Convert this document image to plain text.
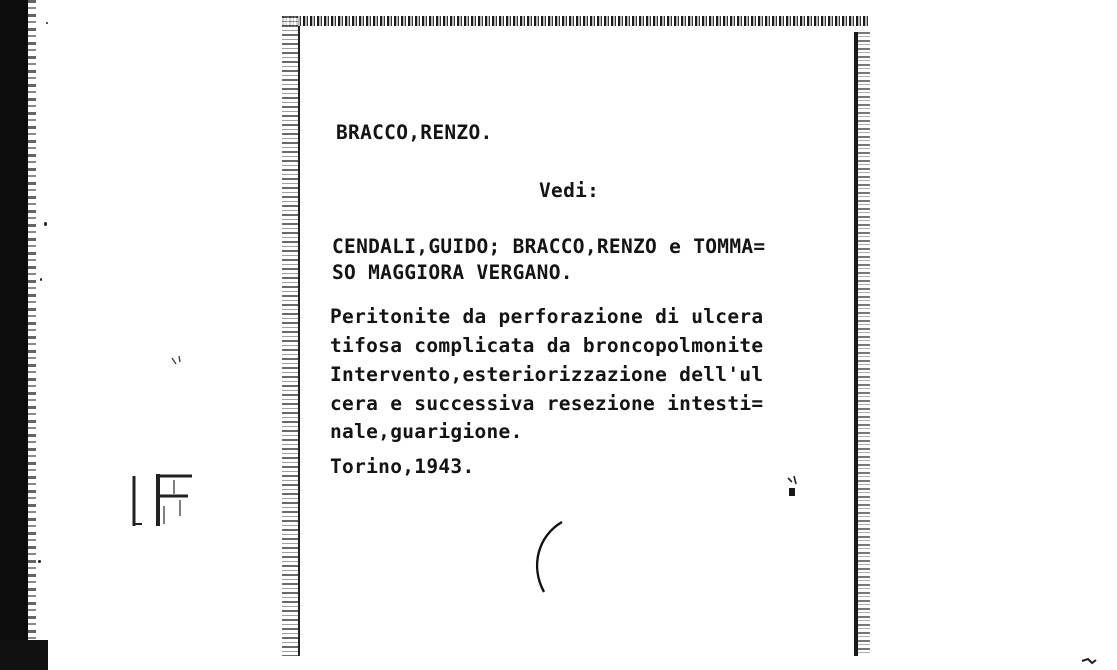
BRACCO,RENZO.
Vedi:
CENDALI,GUIDO; BRACCO,RENZO e TOMMA=
SO MAGGIORA VERGANO.
Peritonite da perforazione di ulcera
tifosa complicata da broncopolmonite
Intervento,esteriorizzazione dell'ul
cera e successiva resezione intesti=
nale,guarigione.
Torino,1943.
